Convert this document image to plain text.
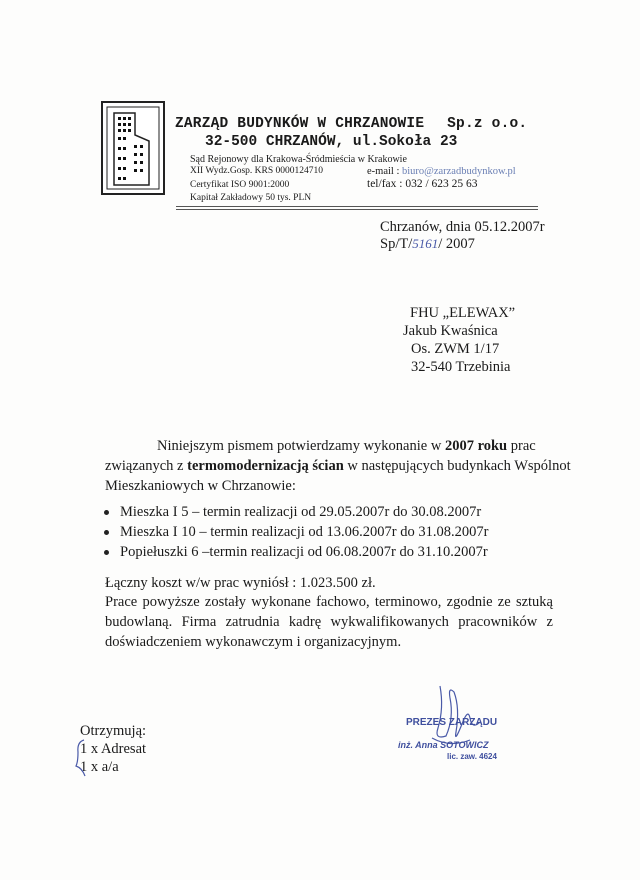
ZARZĄD BUDYNKÓW W CHRZANOWIE Sp.z o.o.
32-500 CHRZANÓW, ul.Sokoła 23
Sąd Rejonowy dla Krakowa-Śródmieścia w Krakowie
XII Wydz.Gosp. KRS 0000124710
Certyfikat ISO 9001:2000
Kapitał Zakładowy 50 tys. PLN
e-mail : biuro@zarzadbudynkow.pl
tel/fax : 032 / 623 25 63
Chrzanów, dnia 05.12.2007r
Sp/T/5161/ 2007
FHU „ELEWAX”
Jakub Kwaśnica
Os. ZWM 1/17
32-540 Trzebinia
Niniejszym pismem potwierdzamy wykonanie w 2007 roku prac
związanych z termomodernizacją ścian w następujących budynkach Wspólnot
Mieszkaniowych w Chrzanowie:
Mieszka I 5 – termin realizacji od 29.05.2007r do 30.08.2007r
Mieszka I 10 – termin realizacji od 13.06.2007r do 31.08.2007r
Popiełuszki 6 –termin realizacji od 06.08.2007r do 31.10.2007r
Łączny koszt w/w prac wyniósł : 1.023.500 zł.
Prace powyższe zostały wykonane fachowo, terminowo, zgodnie ze sztuką
budowlaną. Firma zatrudnia kadrę wykwalifikowanych pracowników z
doświadczeniem wykonawczym i organizacyjnym.
Otrzymują:
1 x Adresat
1 x a/a
PREZES ZARZĄDU
inż. Anna SOTOWICZ
lic. zaw. 4624
